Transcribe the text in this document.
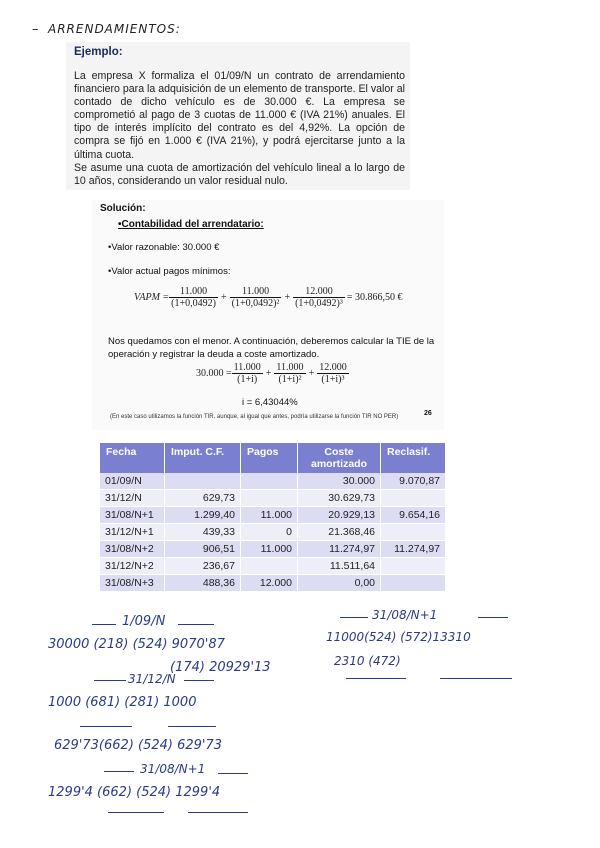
– ARRENDAMIENTOS:
Ejemplo:
La empresa X formaliza el 01/09/N un contrato de arrendamiento financiero para la adquisición de un elemento de transporte. El valor al contado de dicho vehículo es de 30.000 €. La empresa se comprometió al pago de 3 cuotas de 11.000 € (IVA 21%) anuales. El tipo de interés implícito del contrato es del 4,92%. La opción de compra se fijó en 1.000 € (IVA 21%), y podrá ejercitarse junto a la última cuota.
Se asume una cuota de amortización del vehículo lineal a lo largo de 10 años, considerando un valor residual nulo.
Solución:
•Contabilidad del arrendatario:
•Valor razonable: 30.000 €
•Valor actual pagos mínimos:
VAPM = $\frac{11.000}{(1+0,0492)} + \frac{11.000}{\text{(1+0,0492)²}} + \frac{12.000}{\text{(1+0,0492)³}} = 30.866,50$ €
Nos quedamos con el menor. A continuación, deberemos calcular la TIE de la operación y registrar la deuda a coste amortizado.
$30.000 = \frac{11.000}{(1+i)} + \frac{11.000}{\text{(1+i)²}} + \frac{12.000}{\text{(1+i)³}}$
i = 6,43044%
(En este caso utilizamos la función TIR, aunque, al igual que antes, podría utilizarse la función TIR NO PER)	26
Fecha	Imput. C.F.	Pagos	Coste amortizado	Reclasif.
01/09/N			30.000	9.070,87
31/12/N	629,73		30.629,73	
31/08/N+1	1.299,40	11.000	20.929,13	9.654,16
31/12/N+1	439,33	0	21.368,46	
31/08/N+2	906,51	11.000	11.274,97	11.274,97
31/12/N+2	236,67		11.511,64	
31/08/N+3	488,36	12.000	0,00	
1/09/N
30000 (218) (524) 9070'87
(174) 20929'13
31/12/N
1000 (681) (281) 1000
629'73(662) (524) 629'73
31/08/N+1
1299'4 (662) (524) 1299'4
31/08/N+1
11000(524) (572)13310
2310 (472)
